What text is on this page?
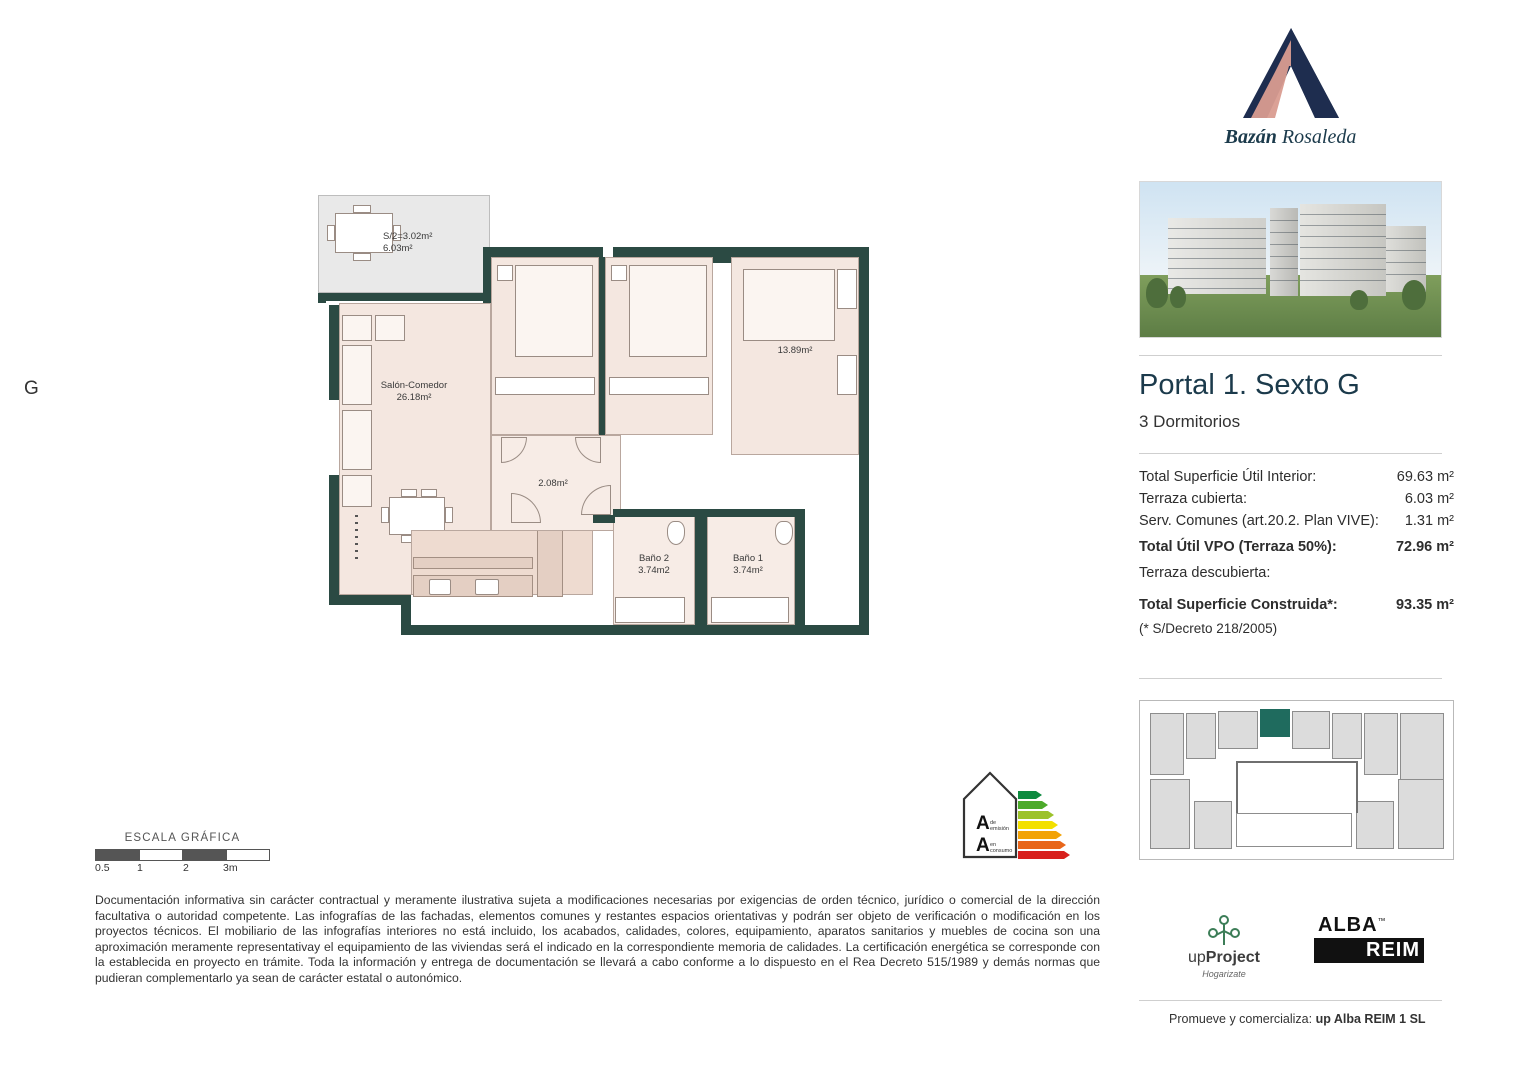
S/2=3.02m²
6.03m²
Salón-Comedor
26.18m²
2.08m²

13.89m²
Baño 2
3.74m2
Baño 1
3.74m²
G
ESCALA GRÁFICA
0.5	1	2	3m
Documentación informativa sin carácter contractual y meramente ilustrativa sujeta a modificaciones necesarias por exigencias de orden técnico, jurídico o comercial de la dirección facultativa o autoridad competente. Las infografías de las fachadas, elementos comunes y restantes espacios orientativas y podrán ser objeto de verificación o modificación en los proyectos técnicos. El mobiliario de las infografías interiores no está incluido, los acabados, calidades, colores, equipamiento, aparatos sanitarios y muebles de cocina son una aproximación meramente representativay el equipamiento de las viviendas será el indicado en la correspondiente memoria de calidades. La certificación energética se corresponde con la establecida en proyecto en trámite. Toda la información y entrega de documentación se llevará a cabo conforme a lo dispuesto en el Rea Decreto 515/1989 y demás normas que pudieran complementarlo ya sean de carácter estatal o autonómico.
A de
emisión
A en
consumo
Bazán Rosaleda
Portal 1. Sexto G
3 Dormitorios
Total Superficie Útil Interior:	69.63 m²
Terraza cubierta:	6.03 m²
Serv. Comunes (art.20.2. Plan VIVE): 1.31 m²
Total Útil VPO (Terraza 50%):	72.96 m²
Terraza descubierta:
Total Superficie Construida*:	93.35 m²
(* S/Decreto 218/2005)
upProject
Hogarizate
ALBA™
REIM
Promueve y comercializa: up Alba REIM 1 SL
